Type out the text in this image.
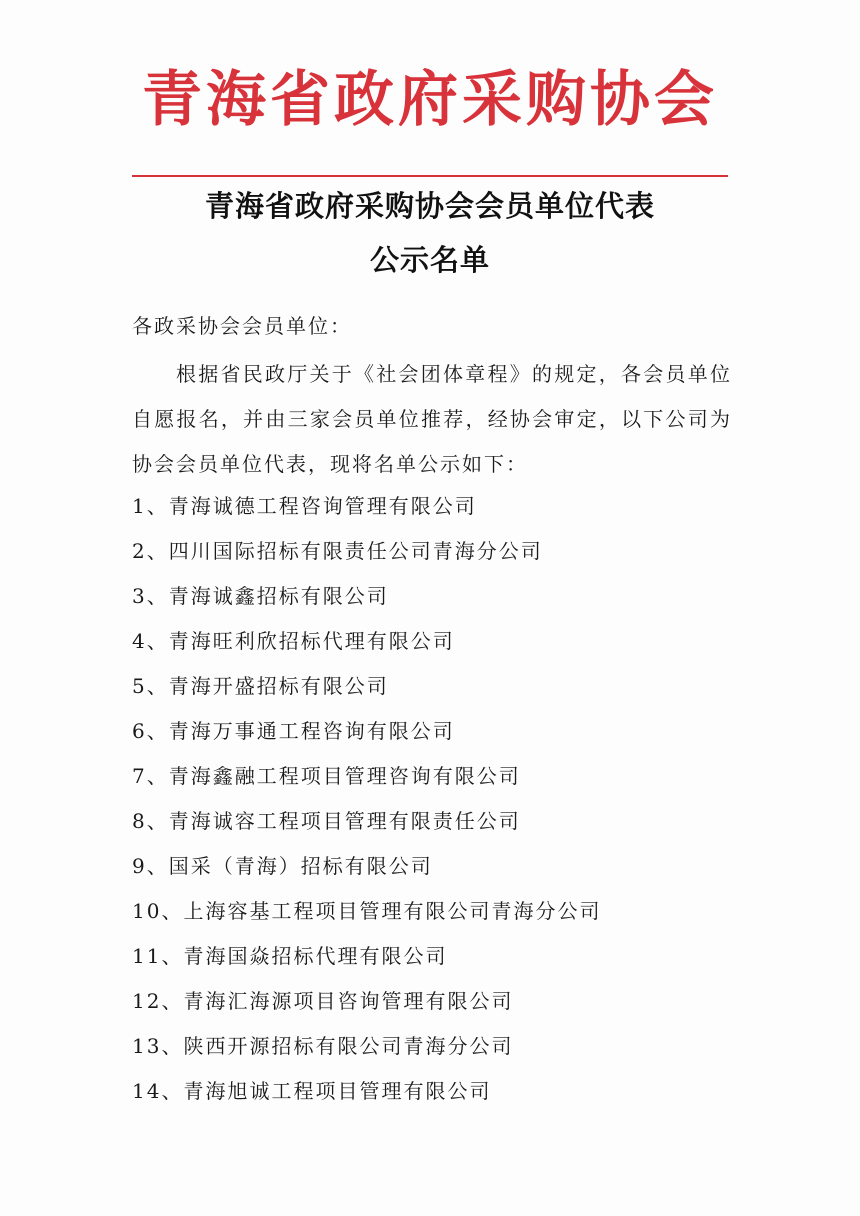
青海省政府采购协会
青海省政府采购协会会员单位代表
公示名单
各政采协会会员单位：
根据省民政厅关于《社会团体章程》的规定，各会员单位自愿报名，并由三家会员单位推荐，经协会审定，以下公司为协会会员单位代表，现将名单公示如下：
1、青海诚德工程咨询管理有限公司
2、四川国际招标有限责任公司青海分公司
3、青海诚鑫招标有限公司
4、青海旺利欣招标代理有限公司
5、青海开盛招标有限公司
6、青海万事通工程咨询有限公司
7、青海鑫融工程项目管理咨询有限公司
8、青海诚容工程项目管理有限责任公司
9、国采（青海）招标有限公司
10、上海容基工程项目管理有限公司青海分公司
11、青海国焱招标代理有限公司
12、青海汇海源项目咨询管理有限公司
13、陕西开源招标有限公司青海分公司
14、青海旭诚工程项目管理有限公司
